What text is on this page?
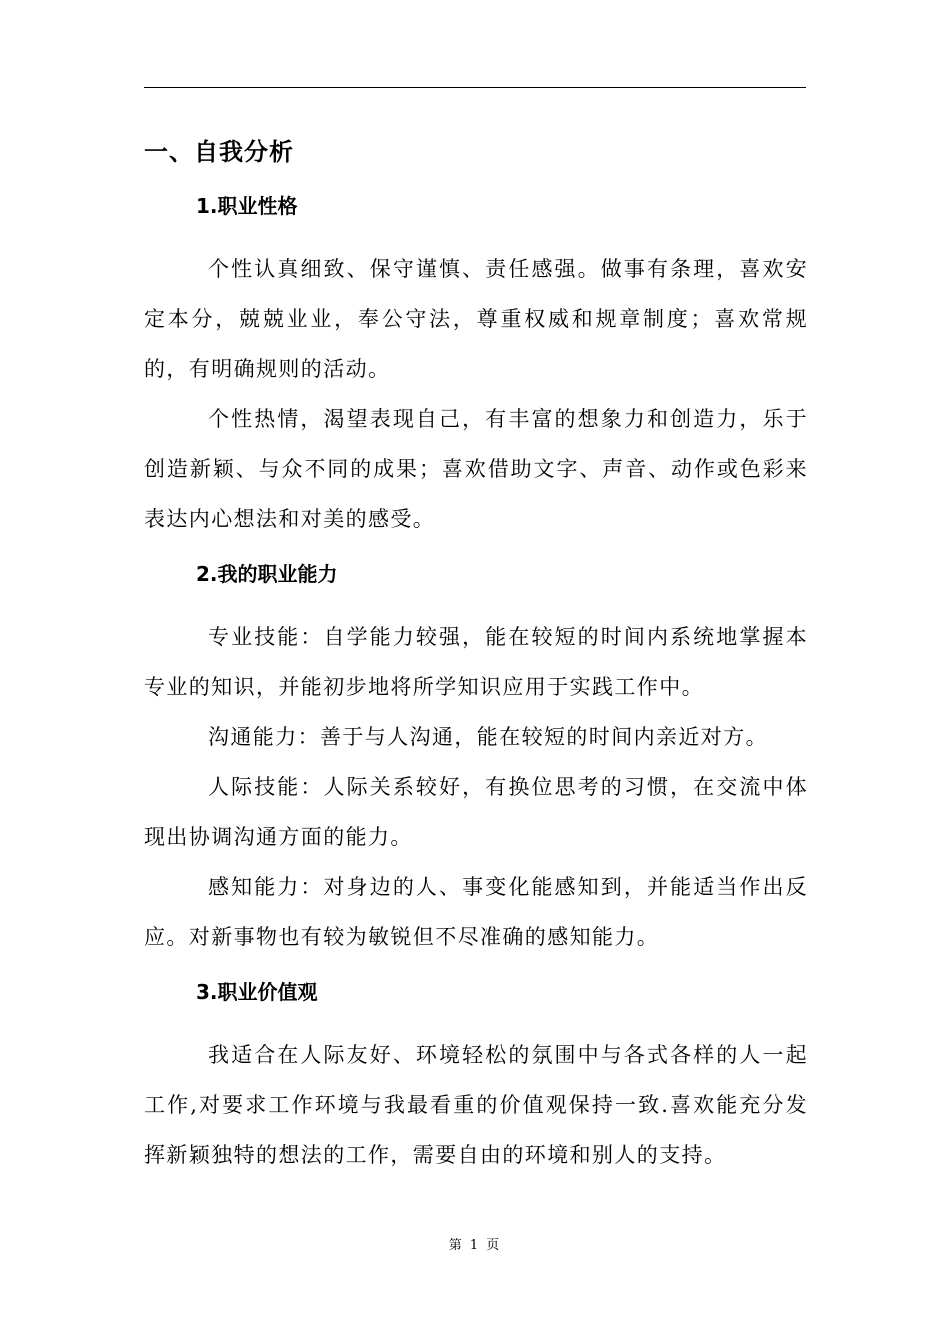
一、自我分析
1.职业性格

个性认真细致、保守谨慎、责任感强。做事有条理，喜欢安定本分，兢兢业业，奉公守法，尊重权威和规章制度；喜欢常规的，有明确规则的活动。

个性热情，渴望表现自己，有丰富的想象力和创造力，乐于创造新颖、与众不同的成果；喜欢借助文字、声音、动作或色彩来表达内心想法和对美的感受。

2.我的职业能力

专业技能：自学能力较强，能在较短的时间内系统地掌握本专业的知识，并能初步地将所学知识应用于实践工作中。

沟通能力：善于与人沟通，能在较短的时间内亲近对方。

人际技能：人际关系较好，有换位思考的习惯，在交流中体现出协调沟通方面的能力。

感知能力：对身边的人、事变化能感知到，并能适当作出反应。对新事物也有较为敏锐但不尽准确的感知能力。

3.职业价值观

我适合在人际友好、环境轻松的氛围中与各式各样的人一起工作,对要求工作环境与我最看重的价值观保持一致.喜欢能充分发挥新颖独特的想法的工作，需要自由的环境和别人的支持。

第 1 页
